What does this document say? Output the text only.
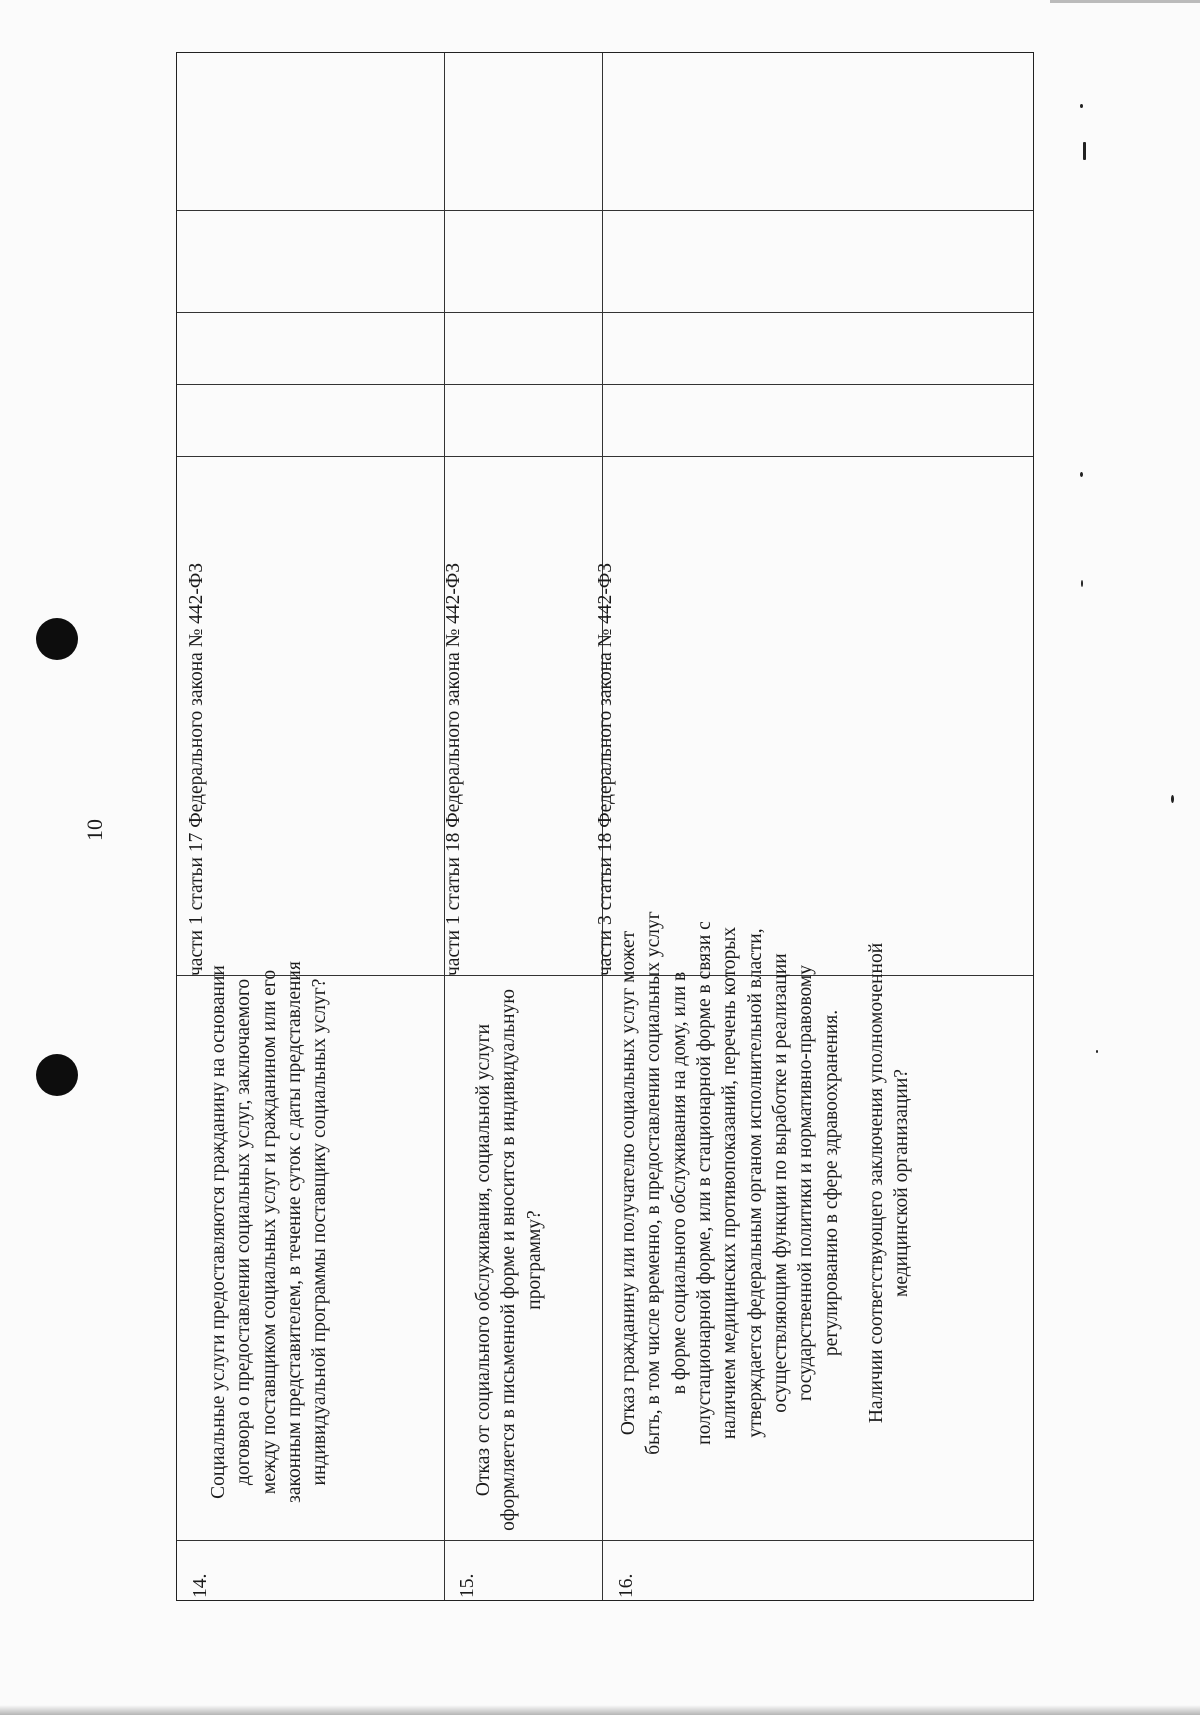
10
14.

Социальные услуги предоставляются гражданину на основании договора о предоставлении социальных услуг, заключаемого между поставщиком социальных услуг и гражданином или его законным представителем, в течение суток с даты представления индивидуальной программы поставщику социальных услуг?

части 1 статьи 17 Федерального закона № 442-ФЗ
15.

Отказ от социального обслуживания, социальной услуги оформляется в письменной форме и вносится в индивидуальную программу?

части 1 статьи 18 Федерального закона № 442-ФЗ
16.

Отказ гражданину или получателю социальных услуг может быть, в том числе временно, в предоставлении социальных услуг в форме социального обслуживания на дому, или в полустационарной форме, или в стационарной форме в связи с наличием медицинских противопоказаний, перечень которых утверждается федеральным органом исполнительной власти, осуществляющим функции по выработке и реализации государственной политики и нормативно-правовому регулированию в сфере здравоохранения. Наличии соответствующего заключения уполномоченной медицинской организации?

части 3 статьи 18 Федерального закона № 442-ФЗ
